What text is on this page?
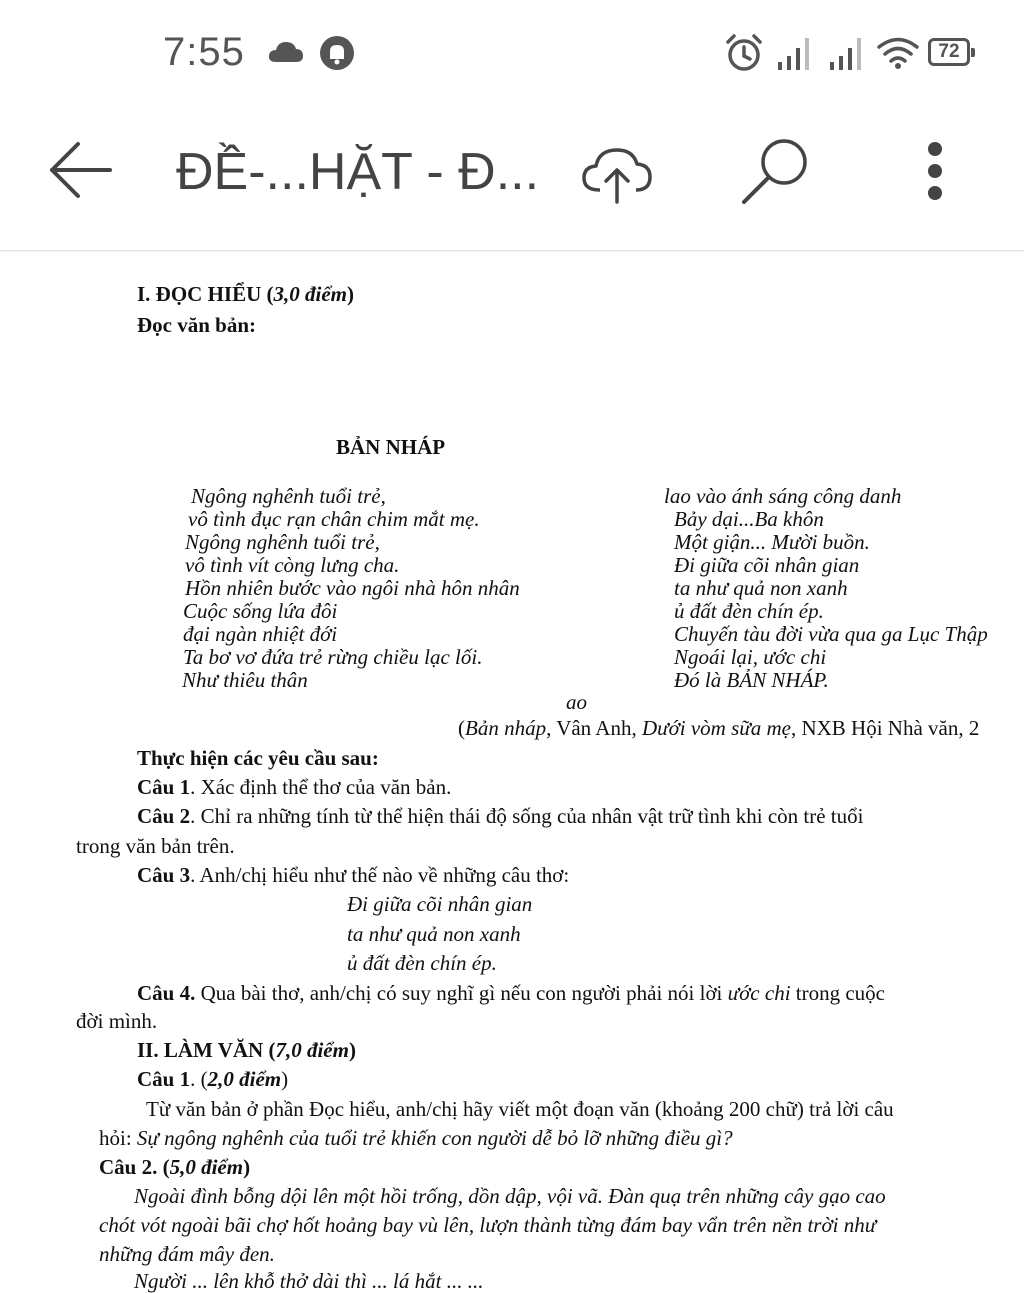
7:55	72
ĐỀ-...HẶT - Đ...
I. ĐỌC HIỂU (3,0 điểm)
Đọc văn bản:
BẢN NHÁP
Ngông nghênh tuổi trẻ,
vô tình đục rạn chân chim mắt mẹ.
Ngông nghênh tuổi trẻ,
vô tình vít còng lưng cha.
Hồn nhiên bước vào ngôi nhà hôn nhân
Cuộc sống lứa đôi
đại ngàn nhiệt đới
Ta bơ vơ đứa trẻ rừng chiều lạc lối.
Như thiêu thân
lao vào ánh sáng công danh
Bảy dại...Ba khôn
Một giận... Mười buồn.
Đi giữa cõi nhân gian
ta như quả non xanh
ủ đất đèn chín ép.
Chuyến tàu đời vừa qua ga Lục Thập
Ngoái lại, ước chi
Đó là BẢN NHÁP.
ao
(Bản nháp, Vân Anh, Dưới vòm sữa mẹ, NXB Hội Nhà văn, 2
Thực hiện các yêu cầu sau:
Câu 1. Xác định thể thơ của văn bản.
Câu 2. Chỉ ra những tính từ thể hiện thái độ sống của nhân vật trữ tình khi còn trẻ tuổi
trong văn bản trên.
Câu 3. Anh/chị hiểu như thế nào về những câu thơ:
Đi giữa cõi nhân gian
ta như quả non xanh
ủ đất đèn chín ép.
Câu 4. Qua bài thơ, anh/chị có suy nghĩ gì nếu con người phải nói lời ước chi trong cuộc
đời mình.
II. LÀM VĂN (7,0 điểm)
Câu 1. (2,0 điểm)
Từ văn bản ở phần Đọc hiểu, anh/chị hãy viết một đoạn văn (khoảng 200 chữ) trả lời câu
hỏi: Sự ngông nghênh của tuổi trẻ khiến con người dễ bỏ lỡ những điều gì?
Câu 2. (5,0 điểm)
Ngoài đình bỗng dội lên một hồi trống, dồn dập, vội vã. Đàn quạ trên những cây gạo cao
chót vót ngoài bãi chợ hốt hoảng bay vù lên, lượn thành từng đám bay vẩn trên nền trời như
những đám mây đen.
Người ... lên khỗ thở dài thì ... lá hắt ... ...
